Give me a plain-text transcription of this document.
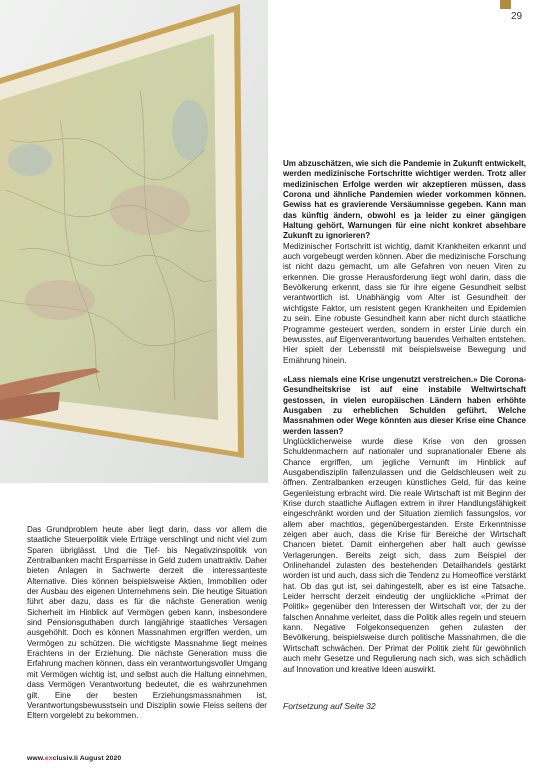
29

Um abzuschätzen, wie sich die Pandemie in Zukunft entwickelt, werden medizinische Fortschritte wichtiger werden. Trotz aller medizinischen Erfolge werden wir akzeptieren müssen, dass Corona und ähnliche Pandemien wieder vorkommen können. Gewiss hat es gravierende Versäumnisse gegeben. Kann man das künftig ändern, obwohl es ja leider zu einer gängigen Haltung gehört, Warnungen für eine nicht konkret absehbare Zukunft zu ignorieren?

Medizinischer Fortschritt ist wichtig, damit Krankheiten erkannt und auch vorgebeugt werden können. Aber die medizinische Forschung ist nicht dazu gemacht, um alle Gefahren von neuen Viren zu erkennen. Die grosse Herausforderung liegt wohl darin, dass die Bevölkerung erkennt, dass sie für ihre eigene Gesundheit selbst verantwortlich ist. Unabhängig vom Alter ist Gesundheit der wichtigste Faktor, um resistent gegen Krankheiten und Epidemien zu sein. Eine robuste Gesundheit kann aber nicht durch staatliche Programme gesteuert werden, sondern in erster Linie durch ein bewusstes, auf Eigenverantwortung bauendes Verhalten entstehen. Hier spielt der Lebensstil mit beispielsweise Bewegung und Ernährung hinein.

«Lass niemals eine Krise ungenutzt verstreichen.» Die Corona-Gesundheitskrise ist auf eine instabile Weltwirtschaft gestossen, in vielen europäischen Ländern haben erhöhte Ausgaben zu erheblichen Schulden geführt. Welche Massnahmen oder Wege könnten aus dieser Krise eine Chance werden lassen?

Unglücklicherweise wurde diese Krise von den grossen Schuldenmachern auf nationaler und supranationaler Ebene als Chance ergriffen, um jegliche Vernunft im Hinblick auf Ausgabendisziplin fallenzulassen und die Geldschleusen weit zu öffnen. Zentralbanken erzeugen künstliches Geld, für das keine Gegenleistung erbracht wird. Die reale Wirtschaft ist mit Beginn der Krise durch staatliche Auflagen extrem in ihrer Handlungsfähigkeit eingeschränkt worden und der Situation ziemlich fassungslos, vor allem aber machtlos, gegenübergestanden. Erste Erkenntnisse zeigen aber auch, dass die Krise für Bereiche der Wirtschaft Chancen bietet. Damit einhergehen aber halt auch gewisse Verlagerungen. Bereits zeigt sich, dass zum Beispiel der Onlinehandel zulasten des bestehenden Detailhandels gestärkt worden ist und auch, dass sich die Tendenz zu Homeoffice verstärkt hat. Ob das gut ist, sei dahingestellt, aber es ist eine Tatsache. Leider herrscht derzeit eindeutig der unglückliche «Primat der Politik» gegenüber den Interessen der Wirtschaft vor, der zu der falschen Annahme verleitet, dass die Politik alles regeln und steuern kann. Negative Folgekonsequenzen gehen zulasten der Bevölkerung, beispielsweise durch politische Massnahmen, die die Wirtschaft schwächen. Der Primat der Politik zieht für gewöhnlich auch mehr Gesetze und Regulierung nach sich, was sich schädlich auf Innovation und kreative Ideen auswirkt.

Fortsetzung auf Seite 32

Das Grundproblem heute aber liegt darin, dass vor allem die staatliche Steuerpolitik viele Erträge verschlingt und nicht viel zum Sparen übriglässt. Und die Tief- bis Negativzinspolitik von Zentralbanken macht Ersparnisse in Geld zudem unattraktiv. Daher bieten Anlagen in Sachwerte derzeit die interessanteste Alternative. Dies können beispielsweise Aktien, Immobilien oder der Ausbau des eigenen Unternehmens sein. Die heutige Situation führt aber dazu, dass es für die nächste Generation wenig Sicherheit im Hinblick auf Vermögen geben kann, insbesondere sind Pensionsguthaben durch langjährige staatliches Versagen ausgehöhlt. Doch es können Massnahmen ergriffen werden, um Vermögen zu schützen. Die wichtigste Massnahme liegt meines Erachtens in der Erziehung. Die nächste Generation muss die Erfahrung machen können, dass ein verantwortungsvoller Umgang mit Vermögen wichtig ist, und selbst auch die Haltung einnehmen, dass Vermögen Verantwortung bedeutet, die es wahrzunehmen gilt. Eine der besten Erziehungsmassnahmen ist, Verantwortungsbewusstsein und Disziplin sowie Fleiss seitens der Eltern vorgelebt zu bekommen.

www.exclusiv.li August 2020
